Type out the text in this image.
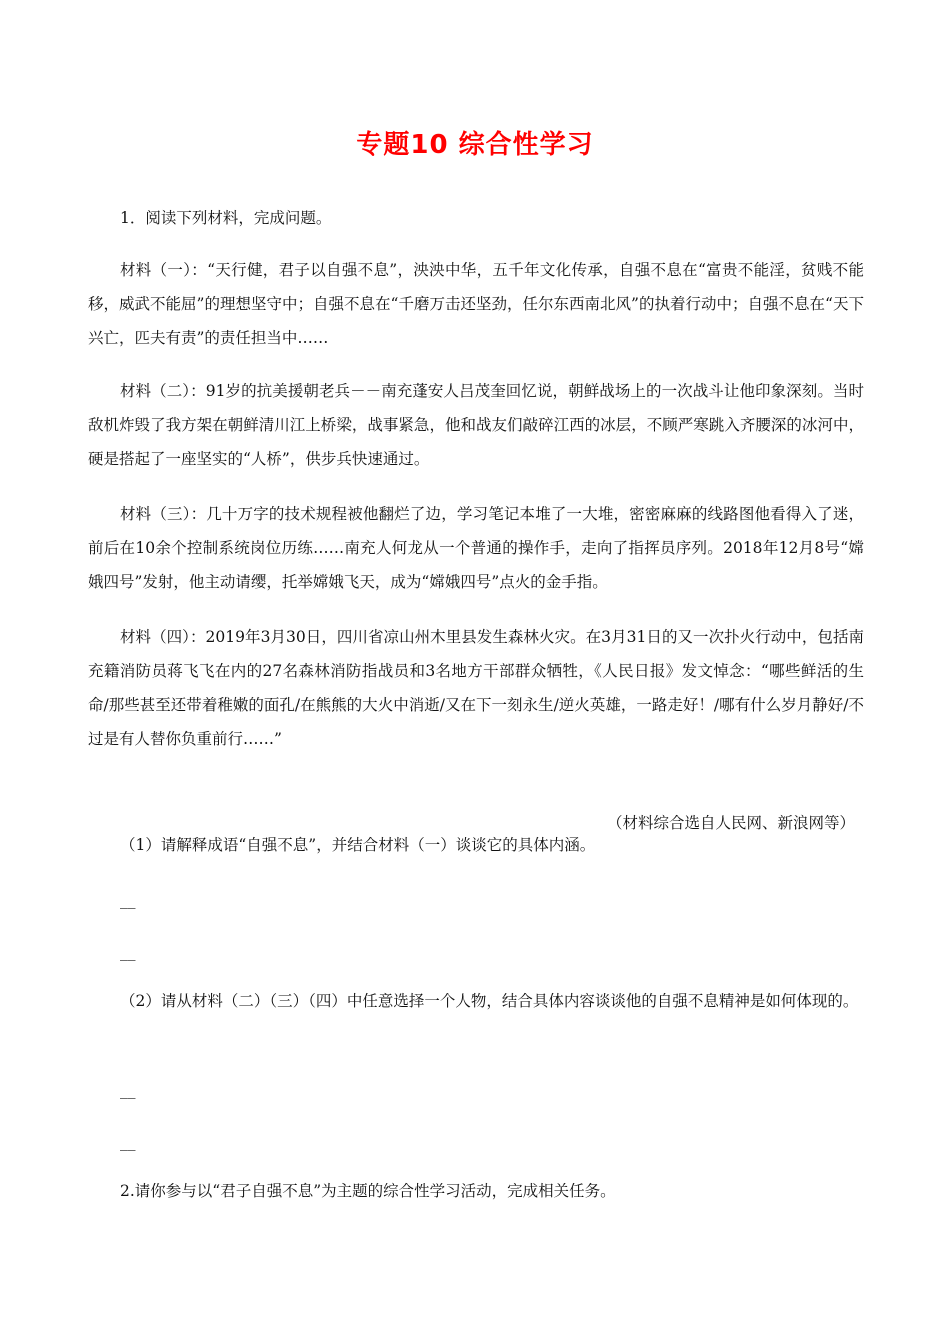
专题10 综合性学习

1．阅读下列材料，完成问题。

材料（一）：“天行健，君子以自强不息”，泱泱中华，五千年文化传承，自强不息在“富贵不能淫，贫贱不能移，威武不能屈”的理想坚守中；自强不息在“千磨万击还坚劲，任尔东西南北风”的执着行动中；自强不息在“天下兴亡，匹夫有责”的责任担当中……

材料（二）：91岁的抗美援朝老兵－－南充蓬安人吕茂奎回忆说，朝鲜战场上的一次战斗让他印象深刻。当时敌机炸毁了我方架在朝鲜清川江上桥梁，战事紧急，他和战友们敲碎江西的冰层，不顾严寒跳入齐腰深的冰河中，硬是搭起了一座坚实的“人桥”，供步兵快速通过。

材料（三）：几十万字的技术规程被他翻烂了边，学习笔记本堆了一大堆，密密麻麻的线路图他看得入了迷，前后在10余个控制系统岗位历练……南充人何龙从一个普通的操作手，走向了指挥员序列。2018年12月8号“嫦娥四号”发射，他主动请缨，托举嫦娥飞天，成为“嫦娥四号”点火的金手指。

材料（四）：2019年3月30日，四川省凉山州木里县发生森林火灾。在3月31日的又一次扑火行动中，包括南充籍消防员蒋飞飞在内的27名森林消防指战员和3名地方干部群众牺牲，《人民日报》发文悼念：“哪些鲜活的生命/那些甚至还带着稚嫩的面孔/在熊熊的大火中消逝/又在下一刻永生/逆火英雄，一路走好！/哪有什么岁月静好/不过是有人替你负重前行……”

（材料综合选自人民网、新浪网等）

（1）请解释成语“自强不息”，并结合材料（一）谈谈它的具体内涵。

__

__

（2）请从材料（二）（三）（四）中任意选择一个人物，结合具体内容谈谈他的自强不息精神是如何体现的。

__

__

2.请你参与以“君子自强不息”为主题的综合性学习活动，完成相关任务。
